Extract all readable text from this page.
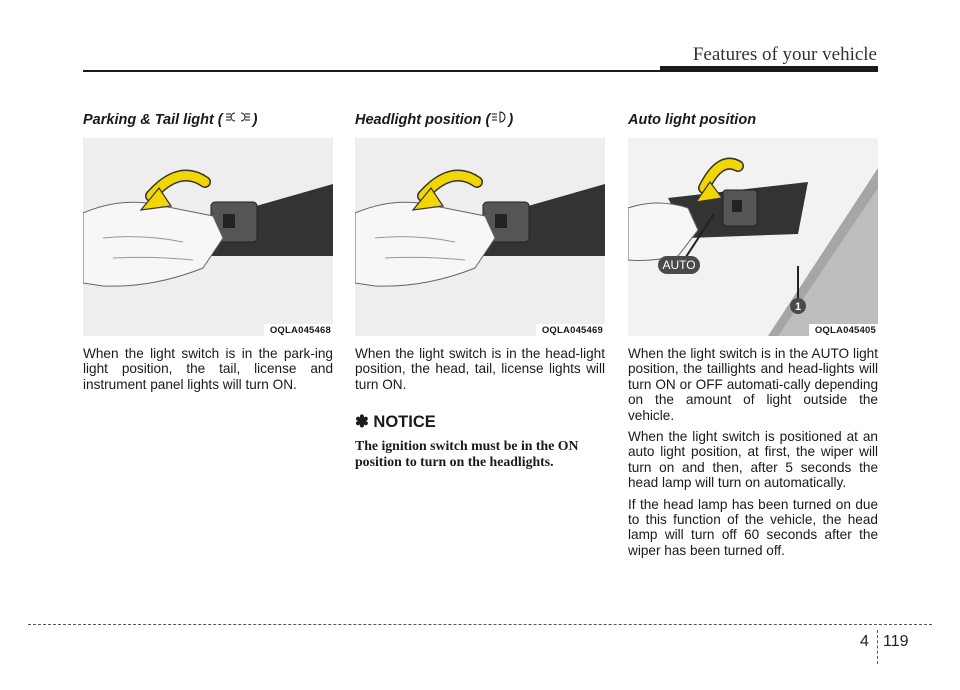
Features of your vehicle
Parking & Tail light ( )
OQLA045468

When the light switch is in the park-ing light position, the tail, license and instrument panel lights will turn ON.

Headlight position ( )
OQLA045469

When the light switch is in the head-light position, the head, tail, license lights will turn ON.

✽ NOTICE
The ignition switch must be in the ON position to turn on the headlights.
Auto light position
AUTO
1
OQLA045405

When the light switch is in the AUTO light position, the taillights and head-lights will turn ON or OFF automati-cally depending on the amount of light outside the vehicle.

When the light switch is positioned at an auto light position, at first, the wiper will turn on and then, after 5 seconds the head lamp will turn on automatically.

If the head lamp has been turned on due to this function of the vehicle, the head lamp will turn off 60 seconds after the wiper has been turned off.

4 119
